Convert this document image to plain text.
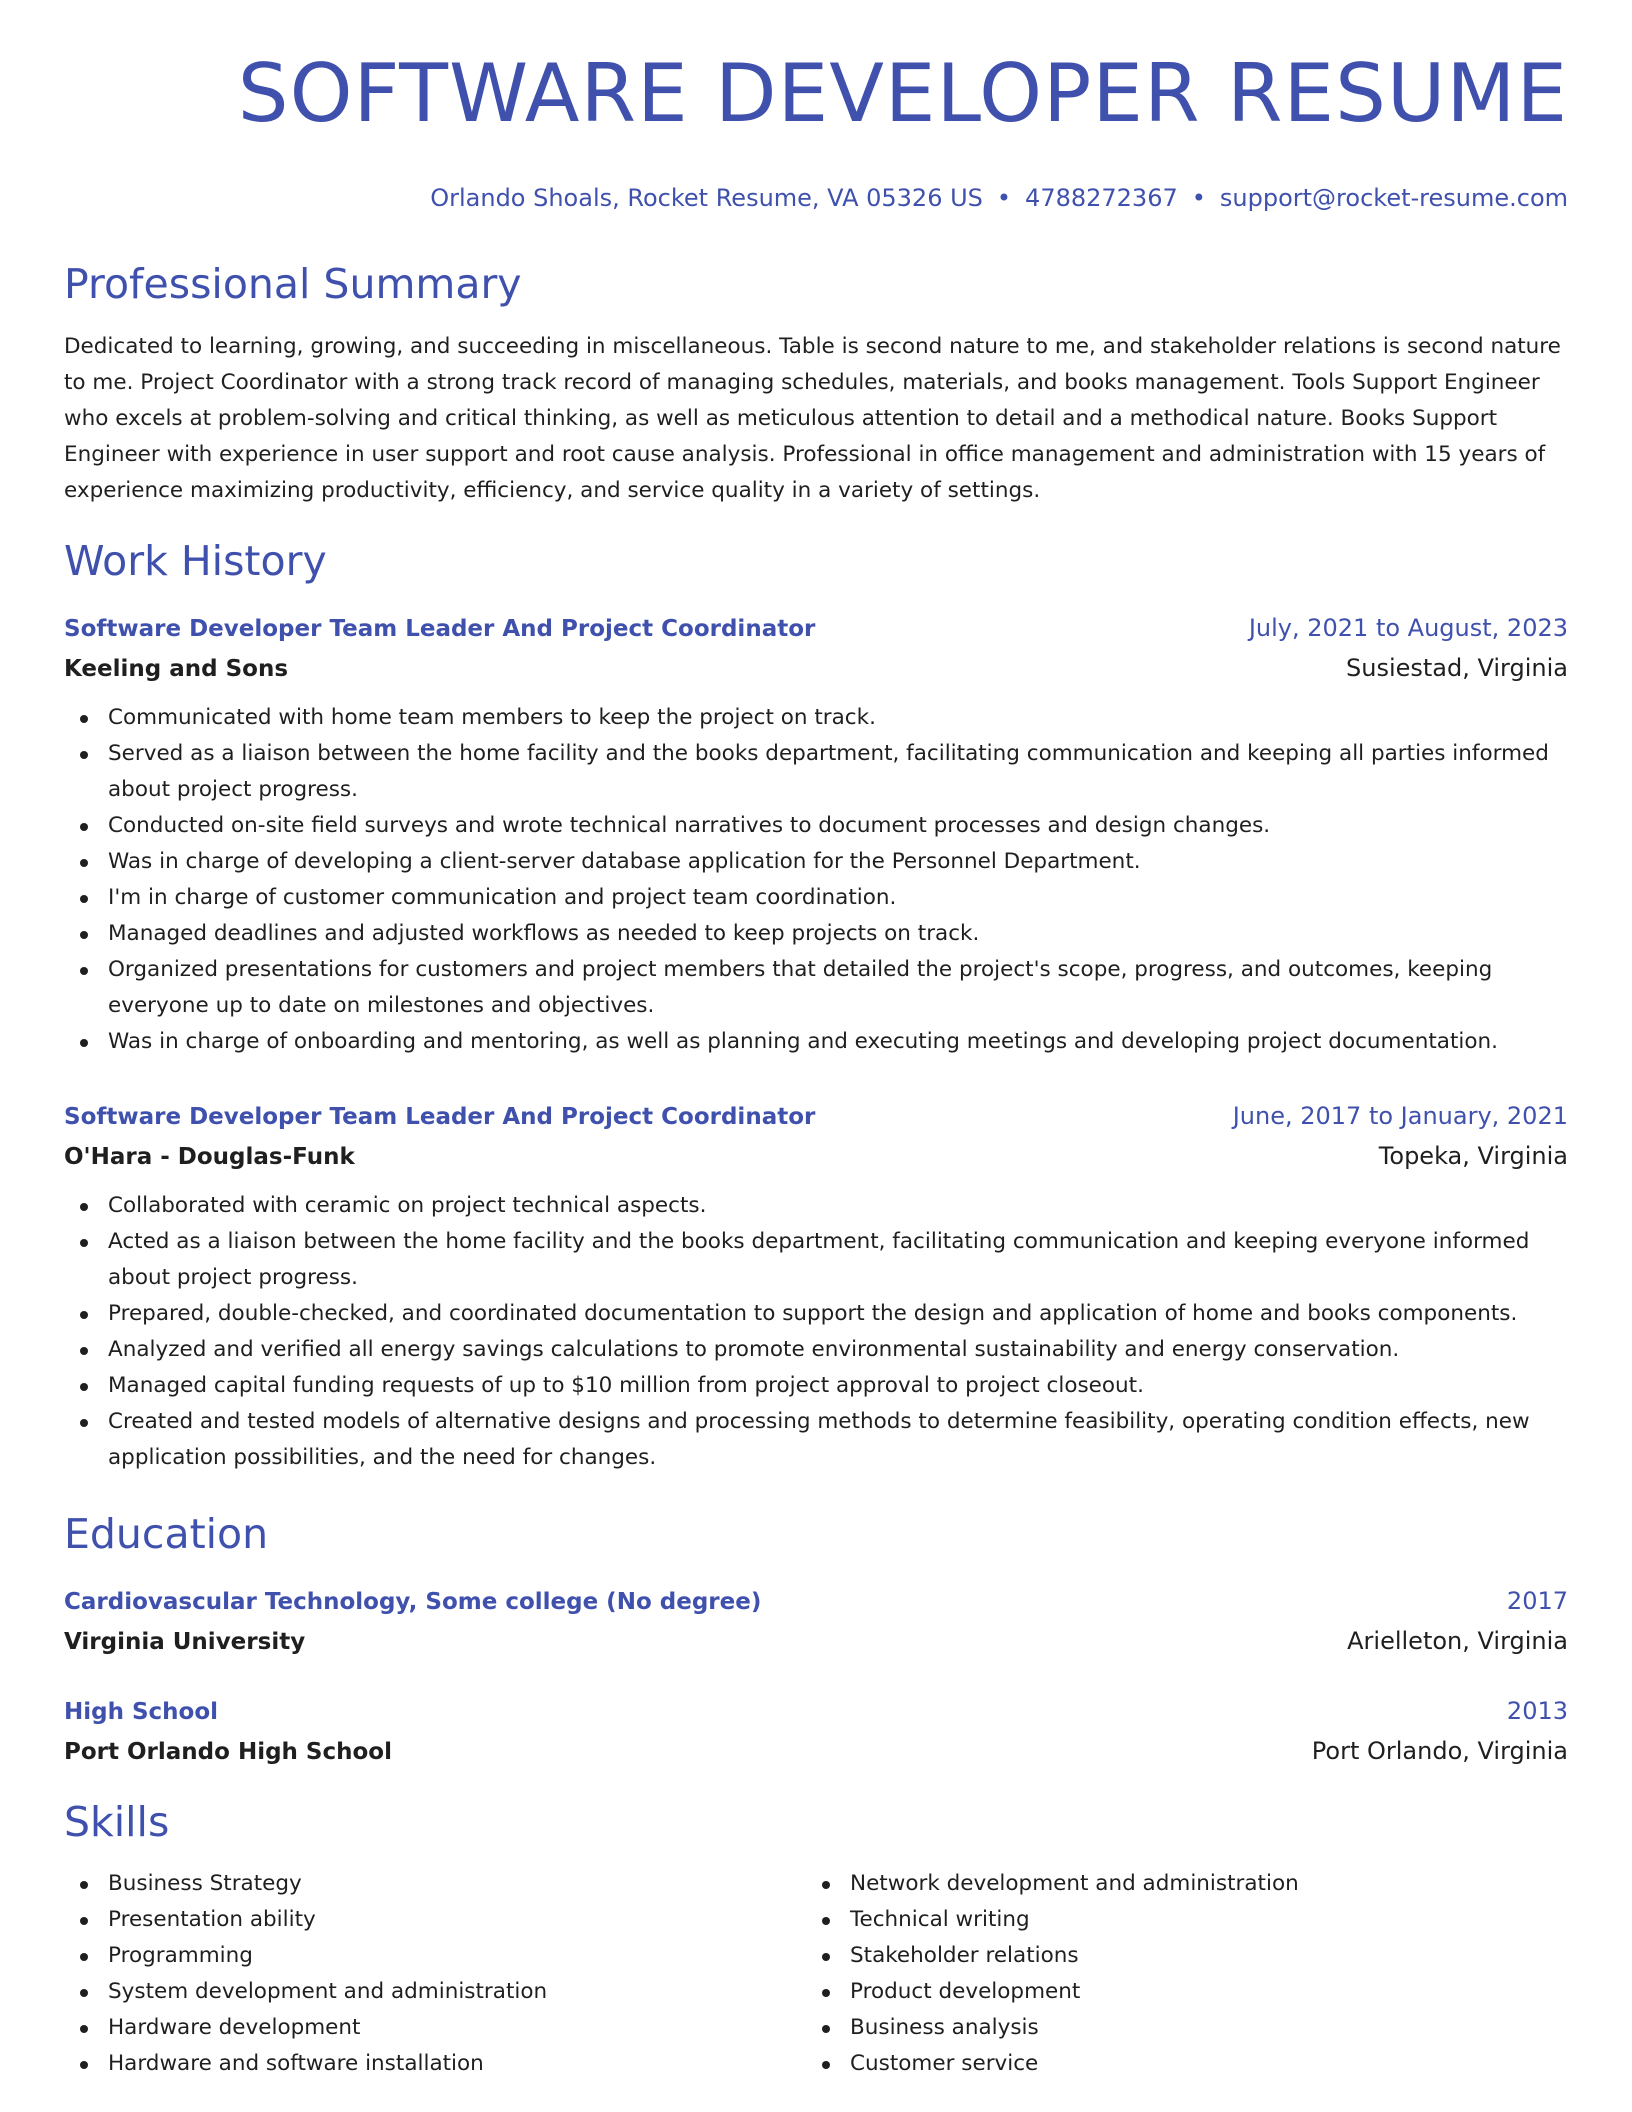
SOFTWARE DEVELOPER RESUME
Orlando Shoals, Rocket Resume, VA 05326 US • 4788272367 • support@rocket-resume.com
Professional Summary

Dedicated to learning, growing, and succeeding in miscellaneous. Table is second nature to me, and stakeholder relations is second nature to me. Project Coordinator with a strong track record of managing schedules, materials, and books management. Tools Support Engineer who excels at problem-solving and critical thinking, as well as meticulous attention to detail and a methodical nature. Books Support Engineer with experience in user support and root cause analysis. Professional in office management and administration with 15 years of experience maximizing productivity, efficiency, and service quality in a variety of settings.

Work History
Software Developer Team Leader And Project Coordinator	July, 2021 to August, 2023
Keeling and Sons	Susiestad, Virginia
Communicated with home team members to keep the project on track.
Served as a liaison between the home facility and the books department, facilitating communication and keeping all parties informed about project progress.
Conducted on-site field surveys and wrote technical narratives to document processes and design changes.
Was in charge of developing a client-server database application for the Personnel Department.
I'm in charge of customer communication and project team coordination.
Managed deadlines and adjusted workflows as needed to keep projects on track.
Organized presentations for customers and project members that detailed the project's scope, progress, and outcomes, keeping everyone up to date on milestones and objectives.
Was in charge of onboarding and mentoring, as well as planning and executing meetings and developing project documentation.
Software Developer Team Leader And Project Coordinator	June, 2017 to January, 2021
O'Hara - Douglas-Funk	Topeka, Virginia
Collaborated with ceramic on project technical aspects.
Acted as a liaison between the home facility and the books department, facilitating communication and keeping everyone informed about project progress.
Prepared, double-checked, and coordinated documentation to support the design and application of home and books components.
Analyzed and verified all energy savings calculations to promote environmental sustainability and energy conservation.
Managed capital funding requests of up to $10 million from project approval to project closeout.
Created and tested models of alternative designs and processing methods to determine feasibility, operating condition effects, new application possibilities, and the need for changes.
Education
Cardiovascular Technology, Some college (No degree)	2017
Virginia University	Arielleton, Virginia
High School	2013
Port Orlando High School	Port Orlando, Virginia
Skills
Business Strategy
Presentation ability
Programming
System development and administration
Hardware development
Hardware and software installation
Network development and administration
Technical writing
Stakeholder relations
Product development
Business analysis
Customer service
